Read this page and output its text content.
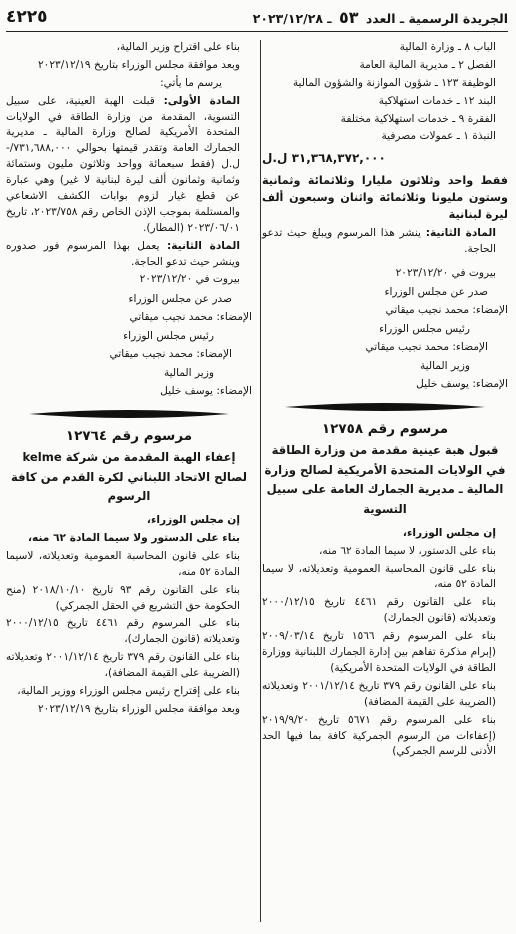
الجريدة الرسمية ـ العدد ٥٣ ـ ٢٠٢٣/١٢/٢٨
٤٢٢٥

الباب ٨ ـ وزارة المالية

الفصل ٢ ـ مديرية المالية العامة

الوظيفة ١٢٣ ـ شؤون الموازنة والشؤون المالية

البند ١٢ ـ خدمات استهلاكية

الفقرة ٩ ـ خدمات استهلاكية مختلفة

النبذة ١ ـ عمولات مصرفية

٣١,٣٦٨,٣٧٢,٠٠٠ ل.ل

فقط واحد وثلاثون مليارا وثلاثمائة وثمانية وستون مليونا وثلاثمائة واثنان وسبعون ألف ليرة لبنانية

المادة الثانية: ينشر هذا المرسوم ويبلغ حيث تدعو الحاجة.

بيروت في ٢٠٢٣/١٢/٢٠

صدر عن مجلس الوزراء

الإمضاء: محمد نجيب ميقاتي

رئيس مجلس الوزراء

الإمضاء: محمد نجيب ميقاتي

وزير المالية

الإمضاء: يوسف خليل

مرسوم رقم ١٢٧٥٨

قبول هبة عينية مقدمة من وزارة الطاقة في الولايات المتحدة الأمريكية لصالح وزارة المالية ـ مديرية الجمارك العامة على سبيل التسوية

إن مجلس الوزراء،

بناء على الدستور، لا سيما المادة ٦٢ منه،

بناء على قانون المحاسبة العمومية وتعديلاته، لا سيما المادة ٥٢ منه،

بناء على القانون رقم ٤٤٦١ تاريخ ٢٠٠٠/١٢/١٥ وتعديلاته (قانون الجمارك)

بناء على المرسوم رقم ١٥٦٦ تاريخ ٢٠٠٩/٠٣/١٤ (إبرام مذكرة تفاهم بين إدارة الجمارك اللبنانية ووزارة الطاقة في الولايات المتحدة الأمريكية)

بناء على القانون رقم ٣٧٩ تاريخ ٢٠٠١/١٢/١٤ وتعديلاته (الضريبة على القيمة المضافة)

بناء على المرسوم رقم ٥٦٧١ تاريخ ٢٠١٩/٩/٢٠ (إعفاءات من الرسوم الجمركية كافة بما فيها الحد الأدنى للرسم الجمركي)

بناء على اقتراح وزير المالية،

وبعد موافقة مجلس الوزراء بتاريخ ٢٠٢٣/١٢/١٩

يرسم ما يأتي:

المادة الأولى: قبلت الهبة العينية، على سبيل التسوية، المقدمة من وزارة الطاقة في الولايات المتحدة الأمريكية لصالح وزارة المالية ـ مديرية الجمارك العامة وتقدر قيمتها بحوالي ٧٣١,٦٨٨,٠٠٠/- ل.ل (فقط سبعمائة وواحد وثلاثون مليون وستمائة وثمانية وثمانون ألف ليرة لبنانية لا غير) وهي عبارة عن قطع غيار لزوم بوابات الكشف الاشعاعي والمستلمة بموجب الإذن الخاص رقم ٢٠٢٣/٧٥٨، تاريخ ٢٠٢٣/٠٦/٠١ (المطار).

المادة الثانية: يعمل بهذا المرسوم فور صدوره وينشر حيث تدعو الحاجة.

بيروت في ٢٠٢٣/١٢/٢٠

صدر عن مجلس الوزراء

الإمضاء: محمد نجيب ميقاتي

رئيس مجلس الوزراء

الإمضاء: محمد نجيب ميقاتي

وزير المالية

الإمضاء: يوسف خليل

مرسوم رقم ١٢٧٦٤

إعفاء الهبة المقدمة من شركة kelme لصالح الاتحاد اللبناني لكرة القدم من كافة الرسوم

إن مجلس الوزراء،

بناء على الدستور ولا سيما المادة ٦٢ منه،

بناء على قانون المحاسبة العمومية وتعديلاته، لاسيما المادة ٥٢ منه،

بناء على القانون رقم ٩٣ تاريخ ٢٠١٨/١٠/١٠ (منح الحكومة حق التشريع في الحقل الجمركي)

بناء على المرسوم رقم ٤٤٦١ تاريخ ٢٠٠٠/١٢/١٥ وتعديلاته (قانون الجمارك)،

بناء على القانون رقم ٣٧٩ تاريخ ٢٠٠١/١٢/١٤ وتعديلاته (الضريبة على القيمة المضافة)،

بناء على إقتراح رئيس مجلس الوزراء ووزير المالية،

وبعد موافقة مجلس الوزراء بتاريخ ٢٠٢٣/١٢/١٩
